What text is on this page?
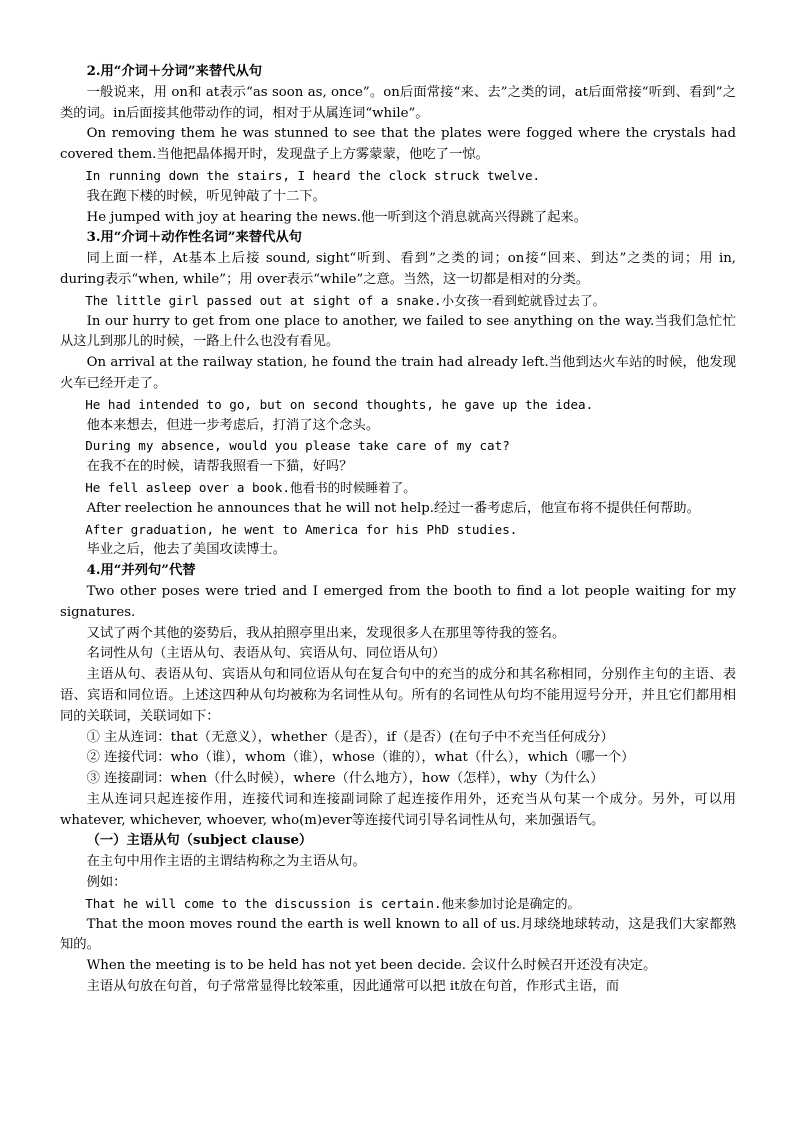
2.用“介词＋分词”来替代从句

一般说来，用 on和 at表示“as soon as, once”。on后面常接“来、去”之类的词，at后面常接“听到、看到”之类的词。in后面接其他带动作的词，相对于从属连词“while”。

On removing them he was stunned to see that the plates were fogged where the crystals had covered them.当他把晶体揭开时，发现盘子上方雾蒙蒙，他吃了一惊。

In running down the stairs, I heard the clock struck twelve.

我在跑下楼的时候，听见钟敲了十二下。

He jumped with joy at hearing the news.他一听到这个消息就高兴得跳了起来。

3.用“介词＋动作性名词”来替代从句

同上面一样，At基本上后接 sound, sight“听到、看到”之类的词；on接“回来、到达”之类的词；用 in, during表示“when, while”；用 over表示“while”之意。当然，这一切都是相对的分类。

The little girl passed out at sight of a snake.小女孩一看到蛇就昏过去了。

In our hurry to get from one place to another, we failed to see anything on the way.当我们急忙忙从这儿到那儿的时候，一路上什么也没有看见。

On arrival at the railway station, he found the train had already left.当他到达火车站的时候，他发现火车已经开走了。

He had intended to go, but on second thoughts, he gave up the idea.

他本来想去，但进一步考虑后，打消了这个念头。

During my absence, would you please take care of my cat?

在我不在的时候，请帮我照看一下猫，好吗？

He fell asleep over a book.他看书的时候睡着了。

After reelection he announces that he will not help.经过一番考虑后，他宣布将不提供任何帮助。

After graduation, he went to America for his PhD studies.

毕业之后，他去了美国攻读博士。

4.用“并列句”代替

Two other poses were tried and I emerged from the booth to find a lot people waiting for my signatures.

又试了两个其他的姿势后，我从拍照亭里出来，发现很多人在那里等待我的签名。

名词性从句（主语从句、表语从句、宾语从句、同位语从句）

主语从句、表语从句、宾语从句和同位语从句在复合句中的充当的成分和其名称相同，分别作主句的主语、表语、宾语和同位语。上述这四种从句均被称为名词性从句。所有的名词性从句均不能用逗号分开，并且它们都用相同的关联词，关联词如下：

① 主从连词：that（无意义），whether（是否），if（是否）(在句子中不充当任何成分）

② 连接代词：who（谁），whom（谁），whose（谁的），what（什么），which（哪一个）

③ 连接副词：when（什么时候），where（什么地方），how（怎样），why（为什么）

主从连词只起连接作用，连接代词和连接副词除了起连接作用外，还充当从句某一个成分。另外，可以用 whatever, whichever, whoever, who(m)ever等连接代词引导名词性从句，来加强语气。

（一）主语从句（subject clause）

在主句中用作主语的主谓结构称之为主语从句。

例如：

That he will come to the discussion is certain.他来参加讨论是确定的。

That the moon moves round the earth is well known to all of us.月球绕地球转动，这是我们大家都熟知的。

When the meeting is to be held has not yet been decide. 会议什么时候召开还没有决定。

主语从句放在句首，句子常常显得比较笨重，因此通常可以把 it放在句首，作形式主语，而
